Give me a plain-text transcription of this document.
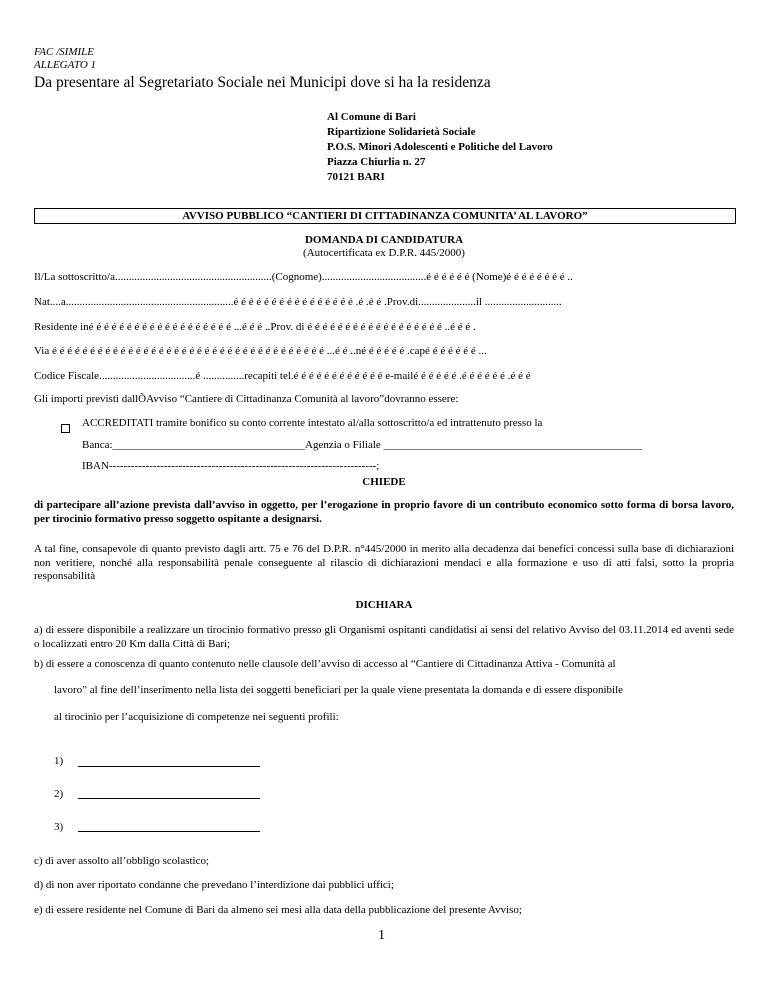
FAC /SIMILE
ALLEGATO 1
Da presentare al Segretariato Sociale nei Municipi dove si ha la residenza
Al Comune di Bari
Ripartizione Solidarietà Sociale
P.O.S. Minori Adolescenti e Politiche del Lavoro
Piazza Chiurlia n. 27
70121 BARI
AVVISO PUBBLICO “CANTIERI DI CITTADINANZA COMUNITA’ AL LAVORO”
DOMANDA DI CANDIDATURA
(Autocertificata ex D.P.R. 445/2000)
Il/La sottoscritto/a.........................................................(Cognome)......................................é é é é é é (Nome)é é é é é é é é ..
Nat....a.............................................................é é é é é é é é é é é é é é é é .é .é é .Prov.di.....................il ............................
Residente iné é é é é é é é é é é é é é é é é é é ...é é é ..Prov. di é é é é é é é é é é é é é é é é é é ..é é é .
Via é é é é é é é é é é é é é é é é é é é é é é é é é é é é é é é é é é é é ...é é ..né é é é é é .capé é é é é é é ...
Codice Fiscale...................................é ...............recapiti tel.é é é é é é é é é é é é e-mailé é é é é é .é é é é é é .é é é
Gli importi previsti dallÕAvviso “Cantiere di Cittadinanza Comunità al lavoro”dovranno essere:
ACCREDITATI tramite bonifico su conto corrente intestato al/alla sottoscritto/a ed intrattenuto presso la
Banca:___________________________________Agenzia o Filiale _______________________________________________
IBAN-------------------------------------------------------------------------;
CHIEDE
di partecipare all’azione prevista dall’avviso in oggetto, per l’erogazione in proprio favore di un contributo economico sotto forma di borsa lavoro, per tirocinio formativo presso soggetto ospitante a designarsi.
A tal fine, consapevole di quanto previsto dagli artt. 75 e 76 del D.P.R. n°445/2000 in merito alla decadenza dai benefici concessi sulla base di dichiarazioni non veritiere, nonché alla responsabilità penale conseguente al rilascio di dichiarazioni mendaci e alla formazione e uso di atti falsi, sotto la propria responsabilità
DICHIARA
a) di essere disponibile a realizzare un tirocinio formativo presso gli Organismi ospitanti candidatisi ai sensi del relativo Avviso del 03.11.2014 ed aventi sede o localizzati entro 20 Km dalla Città di Bari;
b) di essere a conoscenza di quanto contenuto nelle clausole dell’avviso di accesso al “Cantiere di Cittadinanza Attiva - Comunità al
lavoro” al fine dell’inserimento nella lista dei soggetti beneficiari per la quale viene presentata la domanda e di essere disponibile
al tirocinio per l’acquisizione di competenze nei seguenti profili:
1)
2)
3)
c) di aver assolto all’obbligo scolastico;
d) di non aver riportato condanne che prevedano l’interdizione dai pubblici uffici;
e) di essere residente nel Comune di Bari da almeno sei mesi alla data della pubblicazione del presente Avviso;
1
